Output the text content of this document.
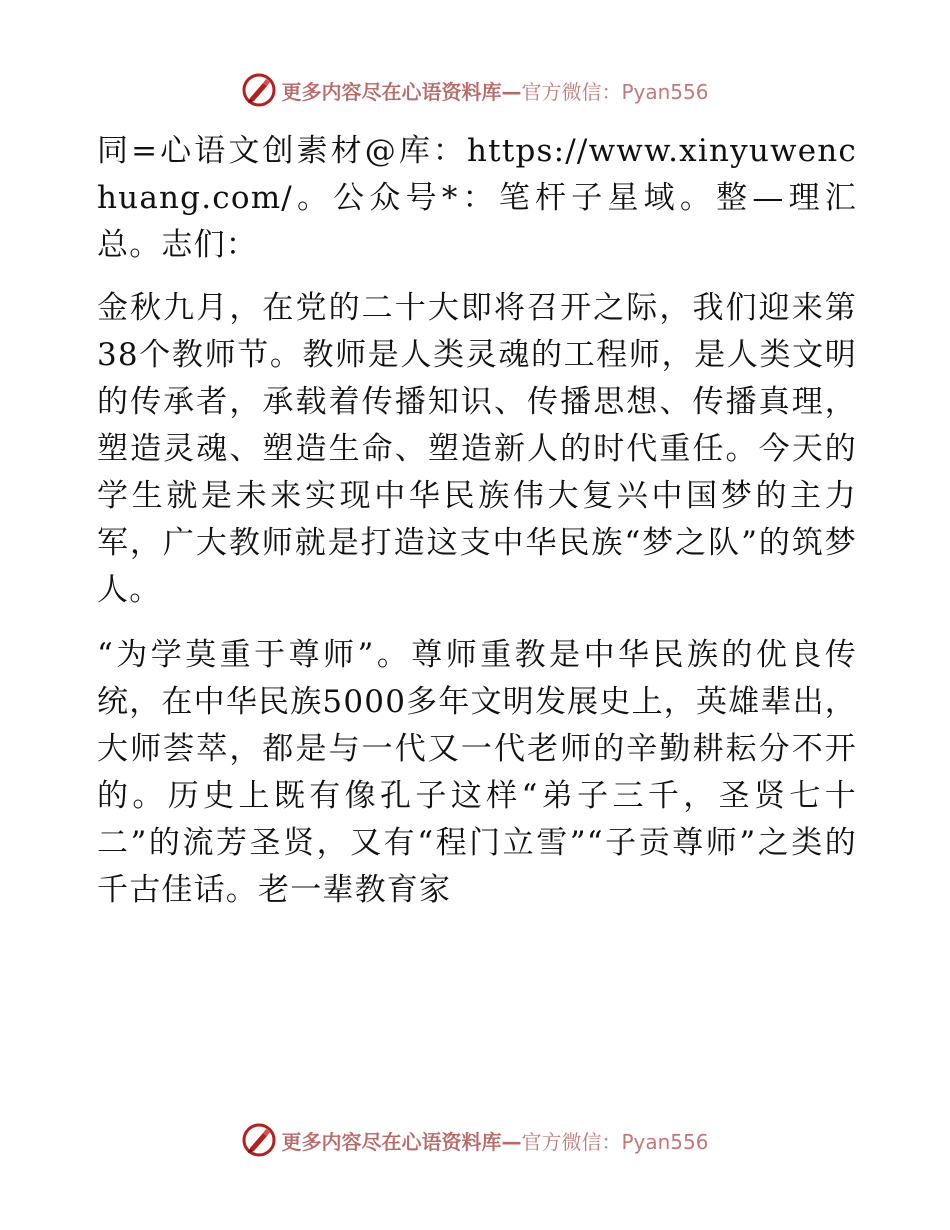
更多内容尽在心语资料库— 官方微信：Pyan556

同=心语文创素材@库：https://www.xinyuwenchuang.com/。公众号*：笔杆子星域。整—理汇总。志们：

金秋九月，在党的二十大即将召开之际，我们迎来第38个教师节。教师是人类灵魂的工程师，是人类文明的传承者，承载着传播知识、传播思想、传播真理，塑造灵魂、塑造生命、塑造新人的时代重任。今天的学生就是未来实现中华民族伟大复兴中国梦的主力军，广大教师就是打造这支中华民族“梦之队”的筑梦人。

“为学莫重于尊师”。尊师重教是中华民族的优良传统，在中华民族5000多年文明发展史上，英雄辈出，大师荟萃，都是与一代又一代老师的辛勤耕耘分不开的。历史上既有像孔子这样“弟子三千，圣贤七十二”的流芳圣贤，又有“程门立雪”“子贡尊师”之类的千古佳话。老一辈教育家

更多内容尽在心语资料库— 官方微信：Pyan556
